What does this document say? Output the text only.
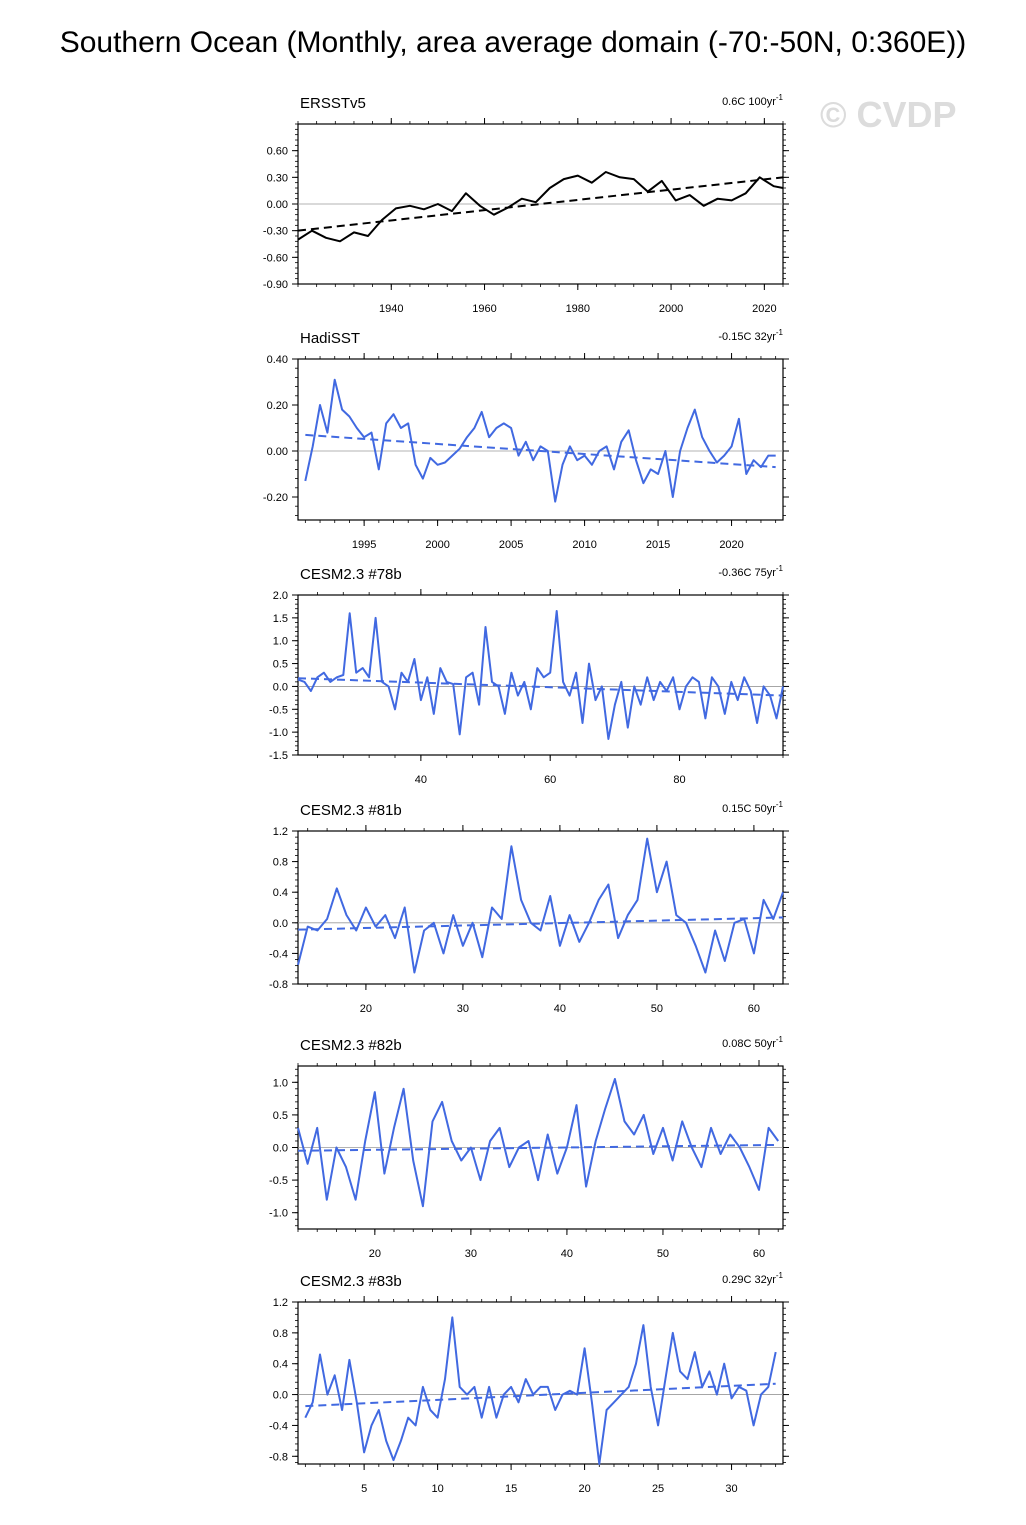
Southern Ocean (Monthly, area average domain (-70:-50N, 0:360E))
© CVDP
-0.90
-0.60
-0.30
0.00
0.30
0.60
1940	1960	1980	2000	2020
ERSSTv5	0.6C $100yr^{-1}$
-0.20
0.00
0.20
0.40
1995	2000	2005	2010	2015	2020
HadiSST	-0.15C $32yr^{-1}$
-1.5
-1.0
-0.5
0.0
0.5
1.0
1.5
2.0
40	60	80
CESM2.3 #78b	-0.36C $75yr^{-1}$
-0.8
-0.4
0.0
0.4
0.8
1.2
20	30	40	50	60
CESM2.3 #81b	0.15C $50yr^{-1}$
-1.0
-0.5
0.0
0.5
1.0
20	30	40	50	60
CESM2.3 #82b	0.08C $50yr^{-1}$
-0.8
-0.4
0.0
0.4
0.8
1.2
5	10	15	20	25	30
CESM2.3 #83b	0.29C $32yr^{-1}$
